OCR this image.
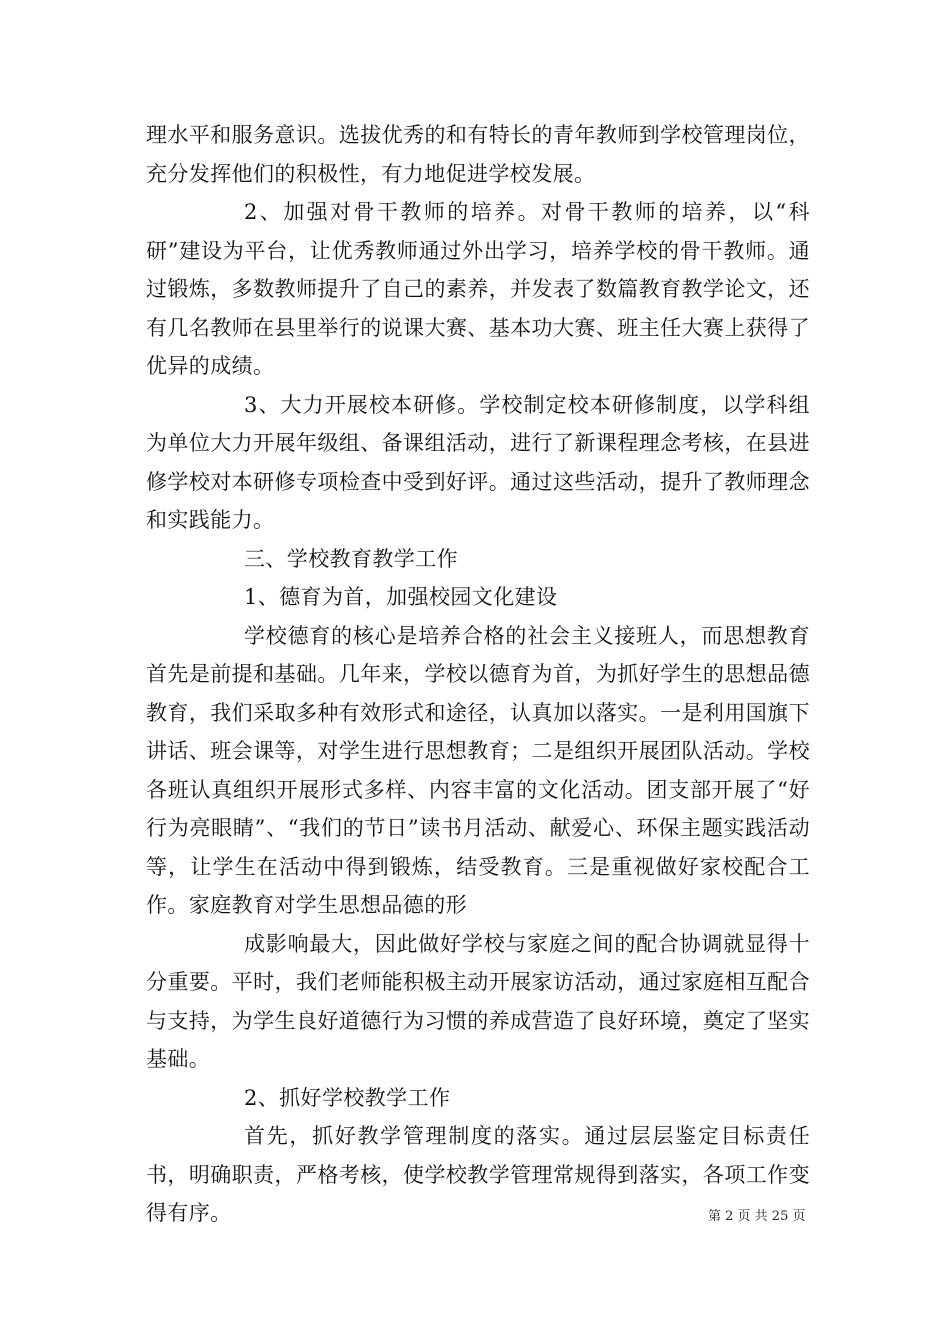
理水平和服务意识。选拔优秀的和有特长的青年教师到学校管理岗位，充分发挥他们的积极性，有力地促进学校发展。

2、加强对骨干教师的培养。对骨干教师的培养，以“科研”建设为平台，让优秀教师通过外出学习，培养学校的骨干教师。通过锻炼，多数教师提升了自己的素养，并发表了数篇教育教学论文，还有几名教师在县里举行的说课大赛、基本功大赛、班主任大赛上获得了优异的成绩。

3、大力开展校本研修。学校制定校本研修制度，以学科组为单位大力开展年级组、备课组活动，进行了新课程理念考核，在县进修学校对本研修专项检查中受到好评。通过这些活动，提升了教师理念和实践能力。

三、学校教育教学工作

1、德育为首，加强校园文化建设

学校德育的核心是培养合格的社会主义接班人，而思想教育首先是前提和基础。几年来，学校以德育为首，为抓好学生的思想品德教育，我们采取多种有效形式和途径，认真加以落实。一是利用国旗下讲话、班会课等，对学生进行思想教育；二是组织开展团队活动。学校各班认真组织开展形式多样、内容丰富的文化活动。团支部开展了“好行为亮眼睛”、“我们的节日”读书月活动、献爱心、环保主题实践活动等，让学生在活动中得到锻炼，结受教育。三是重视做好家校配合工作。家庭教育对学生思想品德的形

成影响最大，因此做好学校与家庭之间的配合协调就显得十分重要。平时，我们老师能积极主动开展家访活动，通过家庭相互配合与支持，为学生良好道德行为习惯的养成营造了良好环境，奠定了坚实基础。

2、抓好学校教学工作

首先，抓好教学管理制度的落实。通过层层鉴定目标责任书，明确职责，严格考核，使学校教学管理常规得到落实，各项工作变得有序。	第 2 页 共 25 页
